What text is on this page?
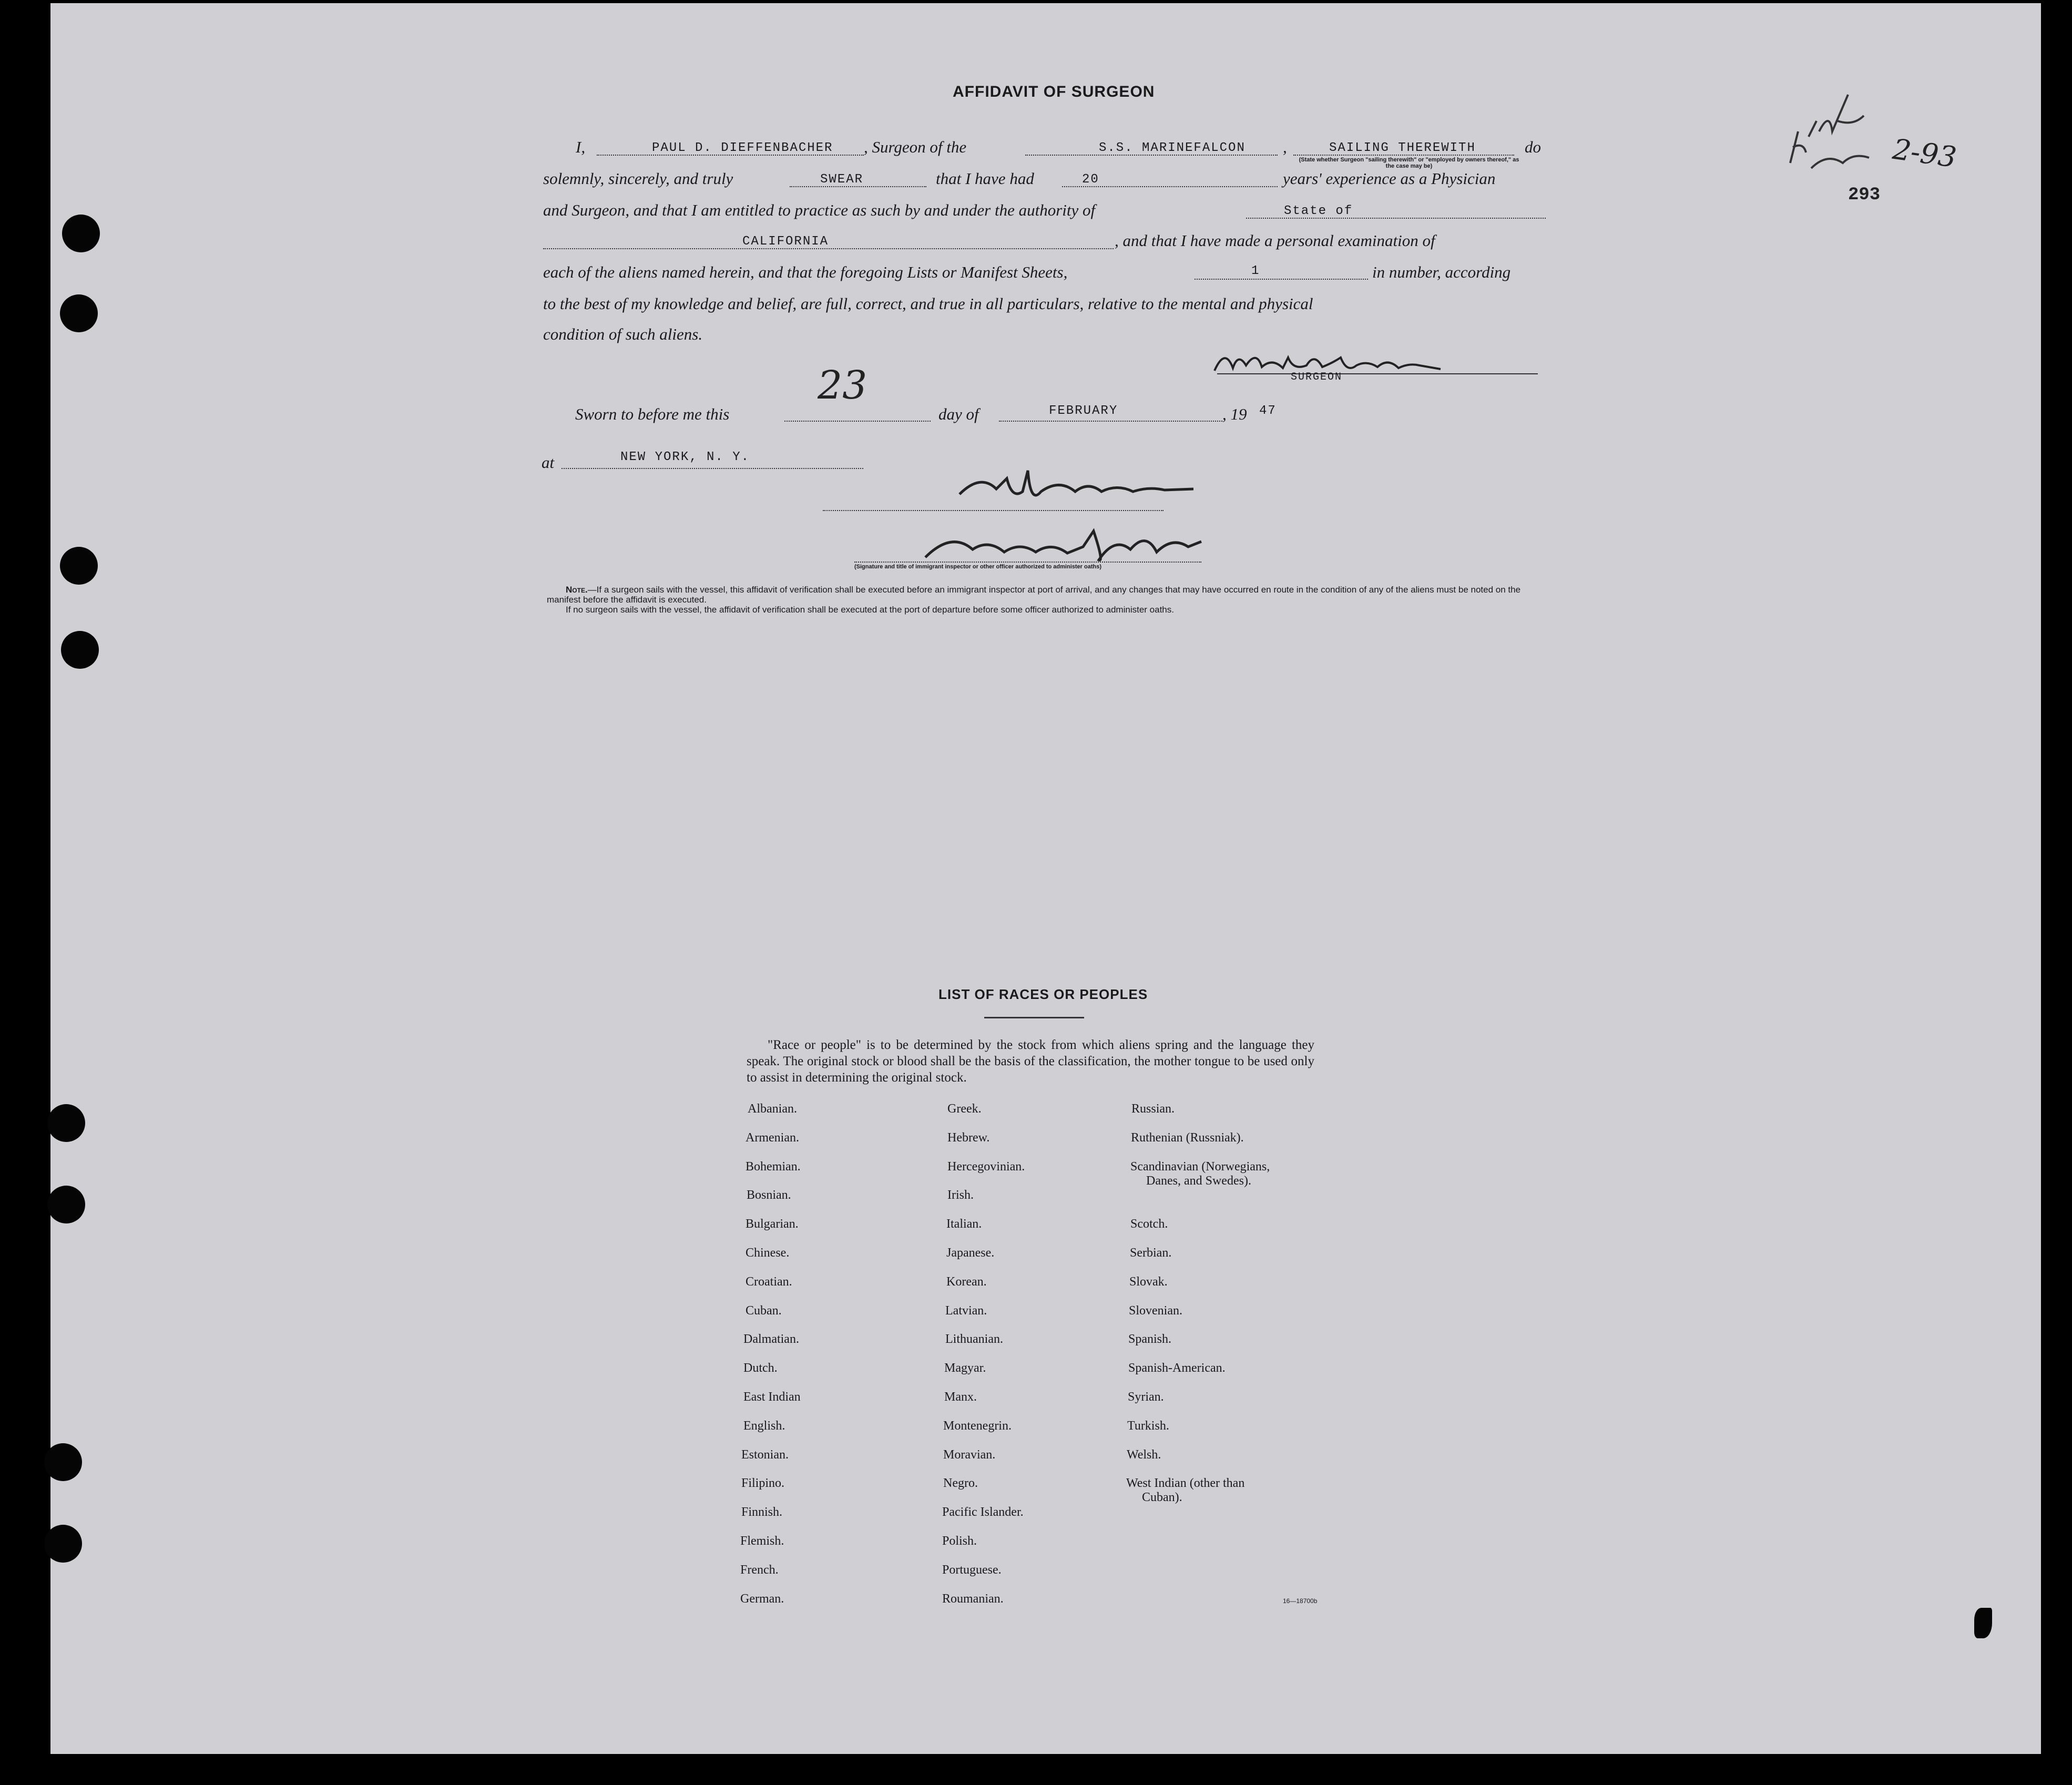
AFFIDAVIT OF SURGEON
I,	PAUL D. DIEFFENBACHER , Surgeon of the	S.S. MARINEFALCON ,	SAILING THEREWITH
(State whether Surgeon "sailing therewith" or "employed by owners thereof," as the case may be)
do
solemnly, sincerely, and truly	SWEAR	that I have had	20	years' experience as a Physician
and Surgeon, and that I am entitled to practice as such by and under the authority of	State of
CALIFORNIA	, and that I have made a personal examination of
each of the aliens named herein, and that the foregoing Lists or Manifest Sheets,	1	in number, according
to the best of my knowledge and belief, are full, correct, and true in all particulars, relative to the mental and physical
condition of such aliens.
SURGEON
Sworn to before me this
23
day of	FEBRUARY	, 19 47
at	NEW YORK, N. Y.
(Signature and title of immigrant inspector or other officer authorized to administer oaths)
Note.—If a surgeon sails with the vessel, this affidavit of verification shall be executed before an immigrant inspector at port of arrival, and any changes that may have occurred en route in the condition of any of the aliens must be noted on the manifest before the affidavit is executed.
If no surgeon sails with the vessel, the affidavit of verification shall be executed at the port of departure before some officer authorized to administer oaths.
293
2-93
LIST OF RACES OR PEOPLES
"Race or people" is to be determined by the stock from which aliens spring and the language they speak. The original stock or blood shall be the basis of the classification, the mother tongue to be used only to assist in determining the original stock.
Albanian.
Armenian.
Bohemian.
Bosnian.
Bulgarian.
Chinese.
Croatian.
Cuban.
Dalmatian.
Dutch.
East Indian
English.
Estonian.
Filipino.
Finnish.
Flemish.
French.
German.
Greek.
Hebrew.
Hercegovinian.
Irish.
Italian.
Japanese.
Korean.
Latvian.
Lithuanian.
Magyar.
Manx.
Montenegrin.
Moravian.
Negro.
Pacific Islander.
Polish.
Portuguese.
Roumanian.
Russian.
Ruthenian (Russniak).
Scandinavian (Norwegians,
Danes, and Swedes).
Scotch.
Serbian.
Slovak.
Slovenian.
Spanish.
Spanish-American.
Syrian.
Turkish.
Welsh.
West Indian (other than
Cuban).
16—18700b
